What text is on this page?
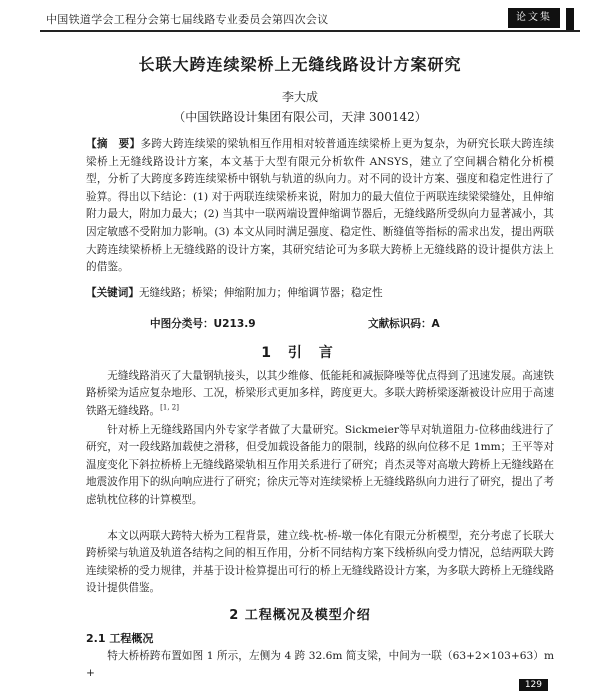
中国铁道学会工程分会第七届线路专业委员会第四次会议	论文集
长联大跨连续梁桥上无缝线路设计方案研究
李大成
（中国铁路设计集团有限公司，天津 300142）
【摘　要】多跨大跨连续梁的梁轨相互作用相对较普通连续梁桥上更为复杂，为研究长联大跨连续梁桥上无缝线路设计方案，本文基于大型有限元分析软件 ANSYS，建立了空间耦合精化分析模型，分析了大跨度多跨连续梁桥中钢轨与轨道的纵向力。对不同的设计方案、强度和稳定性进行了验算。得出以下结论：(1) 对于两联连续梁桥来说，附加力的最大值位于两联连续梁梁缝处，且伸缩附力最大，附加力最大；(2) 当其中一联两端设置伸缩调节器后，无缝线路所受纵向力显著减小，其因定敏感不受附加力影响。(3) 本文从同时满足强度、稳定性、断缝值等指标的需求出发，提出两联大跨连续梁桥桥上无缝线路的设计方案，其研究结论可为多联大跨桥上无缝线路的设计提供方法上的借鉴。
【关键词】无缝线路；桥梁；伸缩附加力；伸缩调节器；稳定性
中图分类号：U213.9	文献标识码：A
1 引 言
无缝线路消灭了大量钢轨接头，以其少维修、低能耗和减振降噪等优点得到了迅速发展。高速铁路桥梁为适应复杂地形、工况，桥梁形式更加多样，跨度更大。多联大跨桥梁逐渐被设计应用于高速铁路无缝线路。[1, 2]
针对桥上无缝线路国内外专家学者做了大量研究。Sickmeier等早对轨道阻力-位移曲线进行了研究，对一段线路加载使之滑移，但受加载设备能力的限制，线路的纵向位移不足 1mm；王平等对温度变化下斜拉桥桥上无缝线路梁轨相互作用关系进行了研究；肖杰灵等对高墩大跨桥上无缝线路在地震波作用下的纵向响应进行了研究；徐庆元等对连续梁桥上无缝线路纵向力进行了研究，提出了考虑轨枕位移的计算模型。
本文以两联大跨特大桥为工程背景，建立线-枕-桥-墩一体化有限元分析模型，充分考虑了长联大跨桥梁与轨道及轨道各结构之间的相互作用，分析不同结构方案下线桥纵向受力情况，总结两联大跨连续梁桥的受力规律，并基于设计检算提出可行的桥上无缝线路设计方案，为多联大跨桥上无缝线路设计提供借鉴。
2 工程概况及模型介绍
2.1 工程概况
特大桥桥跨布置如图 1 所示，左侧为 4 跨 32.6m 简支梁，中间为一联（63+2×103+63）m +
129
